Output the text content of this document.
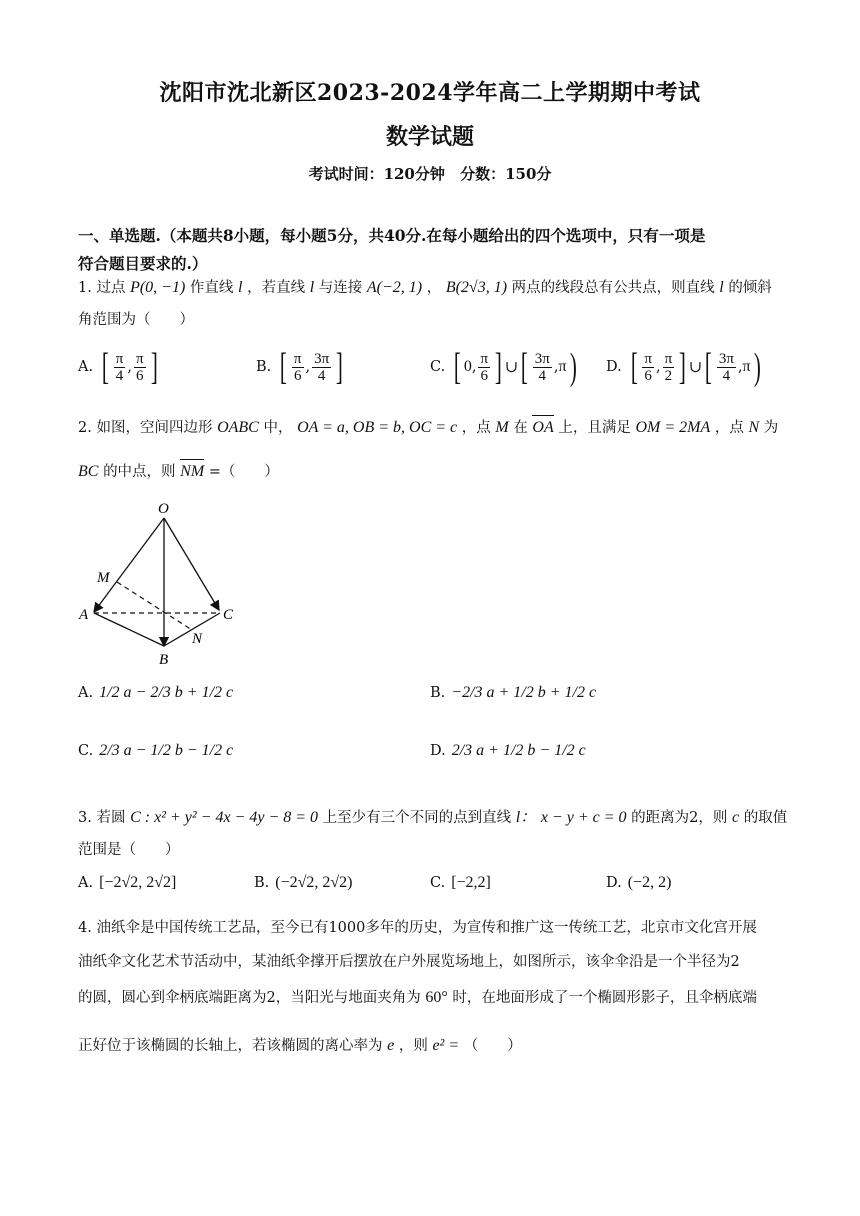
沈阳市沈北新区2023-2024学年高二上学期期中考试
数学试题
考试时间：120分钟 分数：150分
一、单选题.（本题共8小题，每小题5分，共40分.在每小题给出的四个选项中，只有一项是
符合题目要求的.）
1. 过点 P(0, −1) 作直线 l ，若直线 l 与连接 A(−2, 1) ， B(2√3, 1) 两点的线段总有公共点，则直线 l 的倾斜
角范围为（　　）
A. [ $\frac{\pi}{4}$ , $\frac{\pi}{6}$ ]	B. [ $\frac{\pi}{6}$ , $\frac{3\pi}{4}$ ]	C. [ 0 , $\frac{\pi}{6}$ ] ∪ [ $\frac{3\pi}{4}$ , π ) D. [ $\frac{\pi}{6}$ , $\frac{\pi}{2}$ ] ∪ [ $\frac{3\pi}{4}$ , π )
2. 如图，空间四边形 OABC 中， OA = a, OB = b, OC = c ，点 M 在 OA 上，且满足 OM = 2MA ，点 N 为
BC 的中点，则 NM =（　　）
O
M
A	C
N
B
A. 1/2 a − 2/3 b + 1/2 c	B. −2/3 a + 1/2 b + 1/2 c
C. 2/3 a − 1/2 b − 1/2 c	D. 2/3 a + 1/2 b − 1/2 c
3. 若圆 C : x² + y² − 4x − 4y − 8 = 0 上至少有三个不同的点到直线 l： x − y + c = 0 的距离为2，则 c 的取值
范围是（　　）
A. [−2√2, 2√2]	B. (−2√2, 2√2)	C. [−2,2]	D. (−2, 2)
4. 油纸伞是中国传统工艺品，至今已有1000多年的历史，为宣传和推广这一传统工艺，北京市文化宫开展
油纸伞文化艺术节活动中，某油纸伞撑开后摆放在户外展览场地上，如图所示，该伞伞沿是一个半径为2
的圆，圆心到伞柄底端距离为2，当阳光与地面夹角为 60° 时，在地面形成了一个椭圆形影子，且伞柄底端
正好位于该椭圆的长轴上，若该椭圆的离心率为 e ，则 e² = （　　）
